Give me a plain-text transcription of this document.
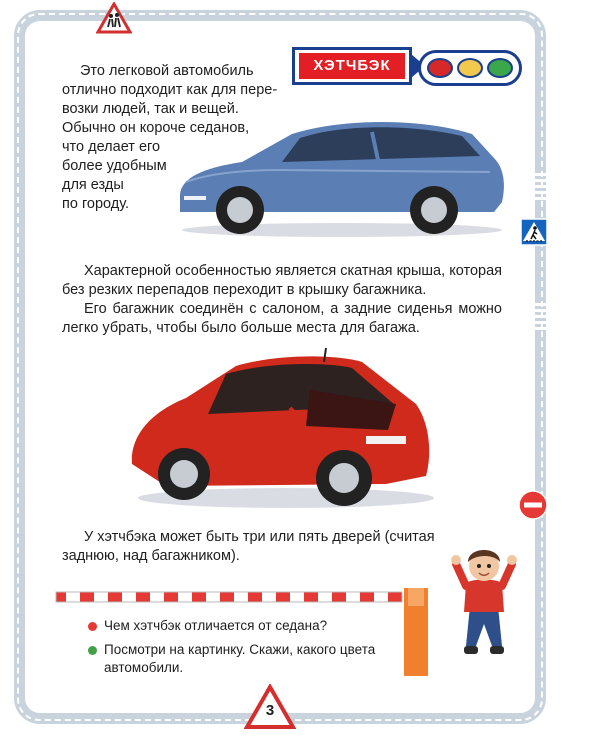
ХЭТЧБЭК
Это легковой автомобиль
отлично подходит как для пере-
возки людей, так и вещей.
Обычно он короче седанов,
что делает его
более удобным
для езды
по городу.
Характерной особенностью является скатная крыша, которая без резких перепадов переходит в крышку багажника.
Его багажник соединён с салоном, а задние сиденья можно легко убрать, чтобы было больше места для багажа.
У хэтчбэка может быть три или пять дверей (считая заднюю, над багажником).
Чем хэтчбэк отличается от седана?
Посмотри на картинку. Скажи, какого цвета автомобили.
3
